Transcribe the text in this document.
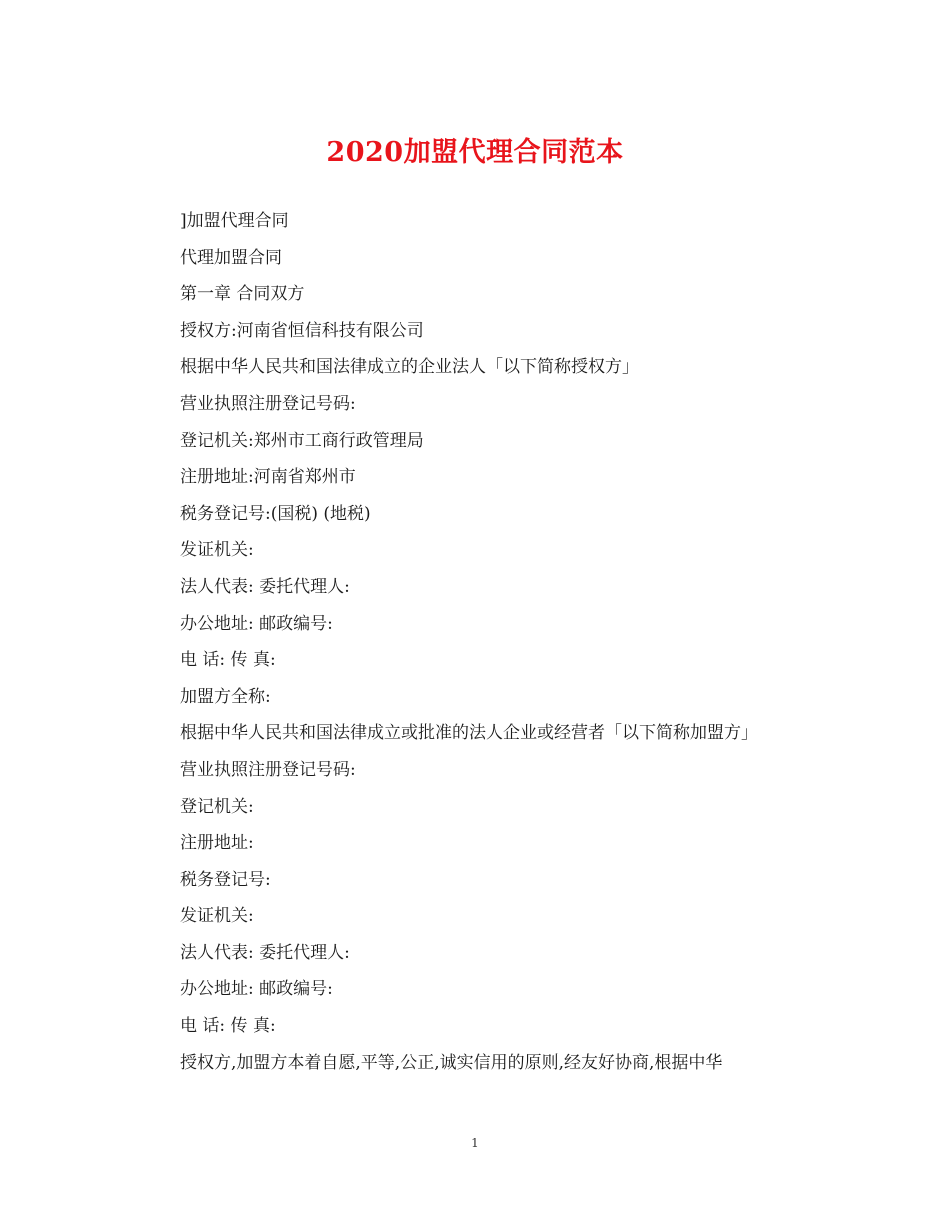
2020加盟代理合同范本

]加盟代理合同

代理加盟合同

第一章 合同双方

授权方:河南省恒信科技有限公司

根据中华人民共和国法律成立的企业法人「以下简称授权方」

营业执照注册登记号码:

登记机关:郑州市工商行政管理局

注册地址:河南省郑州市

税务登记号:(国税) (地税)

发证机关:

法人代表: 委托代理人:

办公地址: 邮政编号:

电 话: 传 真:

加盟方全称:

根据中华人民共和国法律成立或批准的法人企业或经营者「以下简称加盟方」

营业执照注册登记号码:

登记机关:

注册地址:

税务登记号:

发证机关:

法人代表: 委托代理人:

办公地址: 邮政编号:

电 话: 传 真:

授权方,加盟方本着自愿,平等,公正,诚实信用的原则,经友好协商,根据中华

1
